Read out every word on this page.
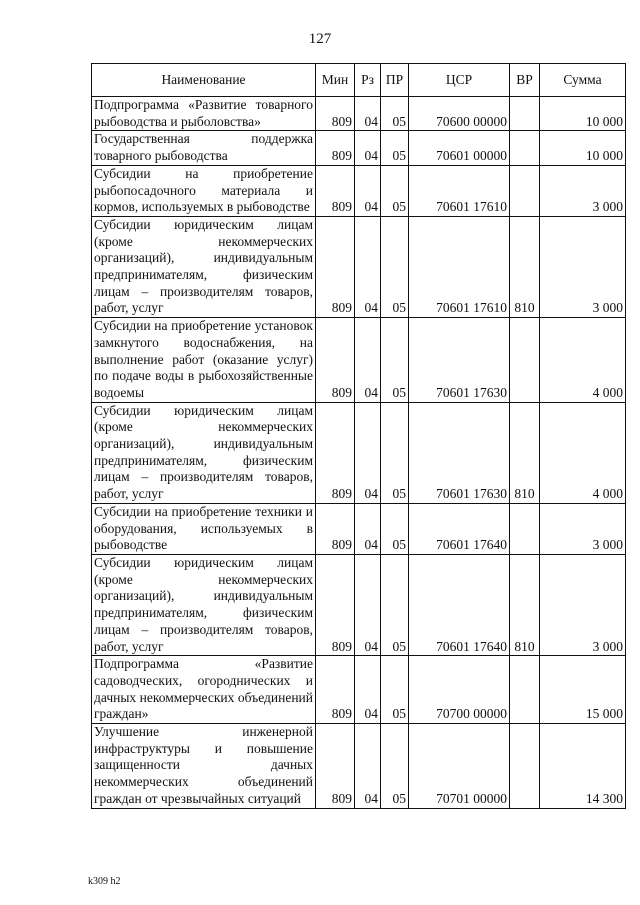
127
Наименование	Мин	Рз	ПР	ЦСР	ВР	Сумма
Подпрограмма «Развитие товарного рыбоводства и рыболовства»	809	04	05	70600 00000		10 000
Государственная поддержка товарного рыбоводства	809	04	05	70601 00000		10 000
Субсидии на приобретение рыбопосадочного материала и кормов, используемых в рыбоводстве	809	04	05	70601 17610		3 000
Субсидии юридическим лицам (кроме некоммерческих организаций), индивидуальным предпринимателям, физическим лицам – производителям товаров, работ, услуг	809	04	05	70601 17610	810	3 000
Субсидии на приобретение установок замкнутого водоснабжения, на выполнение работ (оказание услуг) по подаче воды в рыбохозяйственные водоемы	809	04	05	70601 17630		4 000
Субсидии юридическим лицам (кроме некоммерческих организаций), индивидуальным предпринимателям, физическим лицам – производителям товаров, работ, услуг	809	04	05	70601 17630	810	4 000
Субсидии на приобретение техники и оборудования, используемых в рыбоводстве	809	04	05	70601 17640		3 000
Субсидии юридическим лицам (кроме некоммерческих организаций), индивидуальным предпринимателям, физическим лицам – производителям товаров, работ, услуг	809	04	05	70601 17640	810	3 000
Подпрограмма «Развитие садоводческих, огороднических и дачных некоммерческих объединений граждан»	809	04	05	70700 00000		15 000
Улучшение инженерной инфраструктуры и повышение защищенности дачных некоммерческих объединений граждан от чрезвычайных ситуаций	809	04	05	70701 00000		14 300
k309 h2
